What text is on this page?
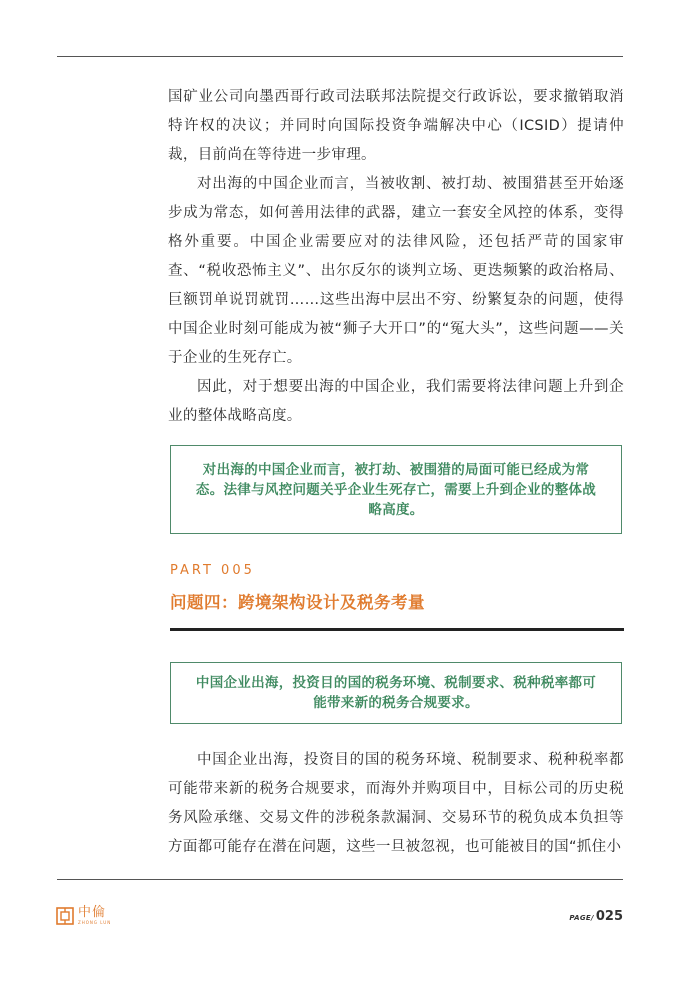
国矿业公司向墨西哥行政司法联邦法院提交行政诉讼，要求撤销取消特许权的决议；并同时向国际投资争端解决中心（ICSID）提请仲裁，目前尚在等待进一步审理。

对出海的中国企业而言，当被收割、被打劫、被围猎甚至开始逐步成为常态，如何善用法律的武器，建立一套安全风控的体系，变得格外重要。中国企业需要应对的法律风险，还包括严苛的国家审查、“税收恐怖主义”、出尔反尔的谈判立场、更迭频繁的政治格局、巨额罚单说罚就罚……这些出海中层出不穷、纷繁复杂的问题，使得中国企业时刻可能成为被“狮子大开口”的“冤大头”，这些问题——关于企业的生死存亡。

因此，对于想要出海的中国企业，我们需要将法律问题上升到企业的整体战略高度。

对出海的中国企业而言，被打劫、被围猎的局面可能已经成为常态。法律与风控问题关乎企业生死存亡，需要上升到企业的整体战略高度。
PART 005
问题四：跨境架构设计及税务考量
中国企业出海，投资目的国的税务环境、税制要求、税种税率都可能带来新的税务合规要求。

中国企业出海，投资目的国的税务环境、税制要求、税种税率都可能带来新的税务合规要求，而海外并购项目中，目标公司的历史税务风险承继、交易文件的涉税条款漏洞、交易环节的税负成本负担等方面都可能存在潜在问题，这些一旦被忽视，也可能被目的国“抓住小

中倫
ZHONG LUN
PAGE/ 025
